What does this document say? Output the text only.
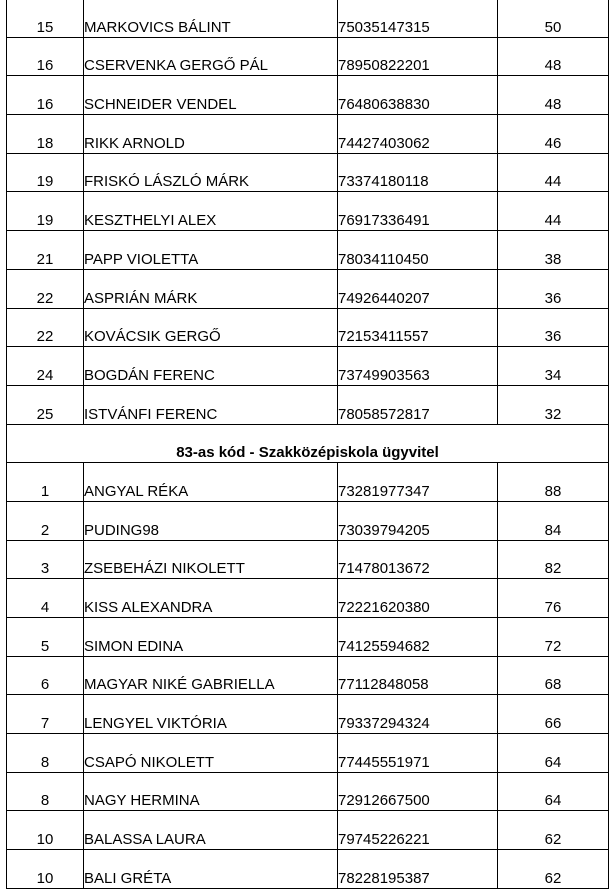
15	MARKOVICS BÁLINT	75035147315	50
16	CSERVENKA GERGŐ PÁL	78950822201	48
16	SCHNEIDER VENDEL	76480638830	48
18	RIKK ARNOLD	74427403062	46
19	FRISKÓ LÁSZLÓ MÁRK	73374180118	44
19	KESZTHELYI ALEX	76917336491	44
21	PAPP VIOLETTA	78034110450	38
22	ASPRIÁN MÁRK	74926440207	36
22	KOVÁCSIK GERGŐ	72153411557	36
24	BOGDÁN FERENC	73749903563	34
25	ISTVÁNFI FERENC	78058572817	32
83-as kód - Szakközépiskola ügyvitel			
1	ANGYAL RÉKA	73281977347	88
2	PUDING98	73039794205	84
3	ZSEBEHÁZI NIKOLETT	71478013672	82
4	KISS ALEXANDRA	72221620380	76
5	SIMON EDINA	74125594682	72
6	MAGYAR NIKÉ GABRIELLA	77112848058	68
7	LENGYEL VIKTÓRIA	79337294324	66
8	CSAPÓ NIKOLETT	77445551971	64
8	NAGY HERMINA	72912667500	64
10	BALASSA LAURA	79745226221	62
10	BALI GRÉTA	78228195387	62
